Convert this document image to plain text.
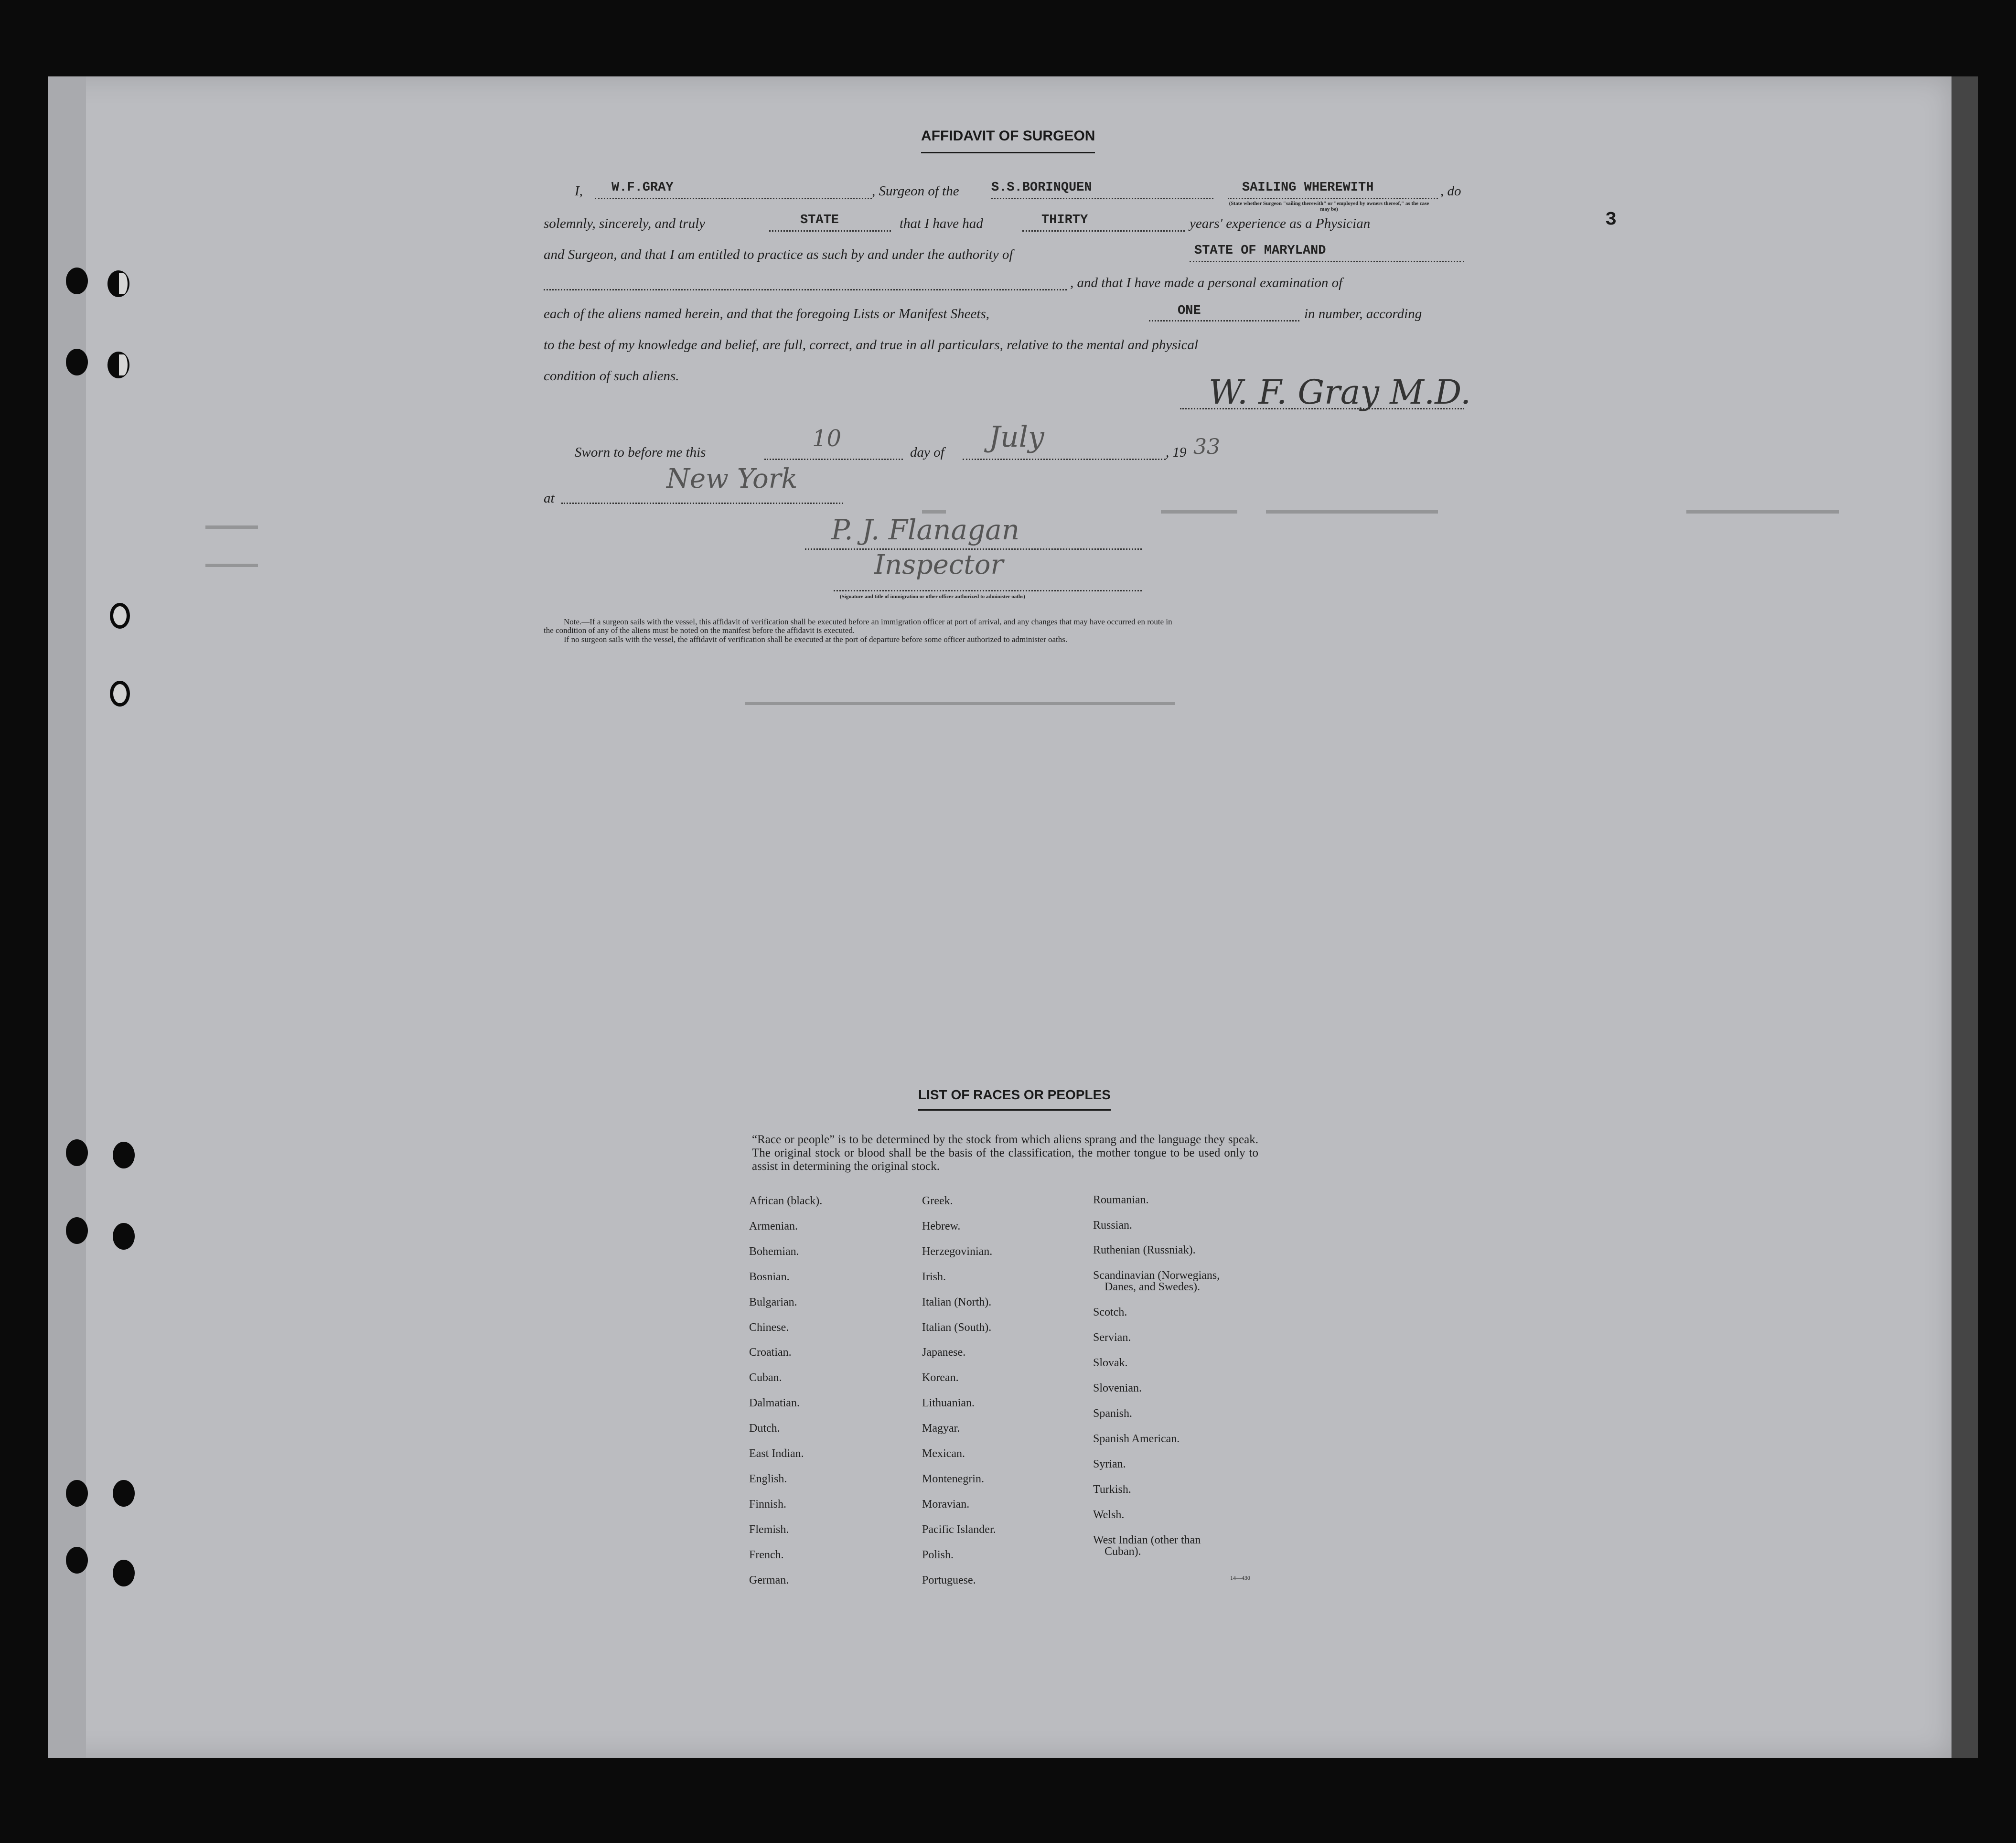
3
AFFIDAVIT OF SURGEON
I, W.F.GRAY	, Surgeon of the S.S.BORINQUEN	SAILING WHEREWITH	, do
(State whether Surgeon "sailing therewith" or "employed by owners thereof," as the case may be)
solemnly, sincerely, and truly	STATE	that I have had	THIRTY	years' experience as a Physician
and Surgeon, and that I am entitled to practice as such by and under the authority of	STATE OF MARYLAND
, and that I have made a personal examination of
each of the aliens named herein, and that the foregoing Lists or Manifest Sheets,	ONE	in number, according
to the best of my knowledge and belief, are full, correct, and true in all particulars, relative to the mental and physical
condition of such aliens.	W. F. Gray M.D.
Sworn to before me this
10
day of July	, 19 33
at
New York
P. J. Flanagan
Inspector
(Signature and title of immigration or other officer authorized to administer oaths)
Note.—If a surgeon sails with the vessel, this affidavit of verification shall be executed before an immigration officer at port of arrival, and any changes that may have occurred en route in
the condition of any of the aliens must be noted on the manifest before the affidavit is executed.
If no surgeon sails with the vessel, the affidavit of verification shall be executed at the port of departure before some officer authorized to administer oaths.
LIST OF RACES OR PEOPLES
“Race or people” is to be determined by the stock from which aliens sprang and the language they speak. The original stock or blood shall be the basis of the classification, the mother tongue to be used only to assist in determining the original stock.
African (black).
Armenian.
Bohemian.
Bosnian.
Bulgarian.
Chinese.
Croatian.
Cuban.
Dalmatian.
Dutch.
East Indian.
English.
Finnish.
Flemish.
French.
German.
Greek.
Hebrew.
Herzegovinian.
Irish.
Italian (North).
Italian (South).
Japanese.
Korean.
Lithuanian.
Magyar.
Mexican.
Montenegrin.
Moravian.
Pacific Islander.
Polish.
Portuguese.
Roumanian.
Russian.
Ruthenian (Russniak).
Scandinavian (Norwegians,
Danes, and Swedes).
Scotch.
Servian.
Slovak.
Slovenian.
Spanish.
Spanish American.
Syrian.
Turkish.
Welsh.
West Indian (other than
Cuban).
14—430
